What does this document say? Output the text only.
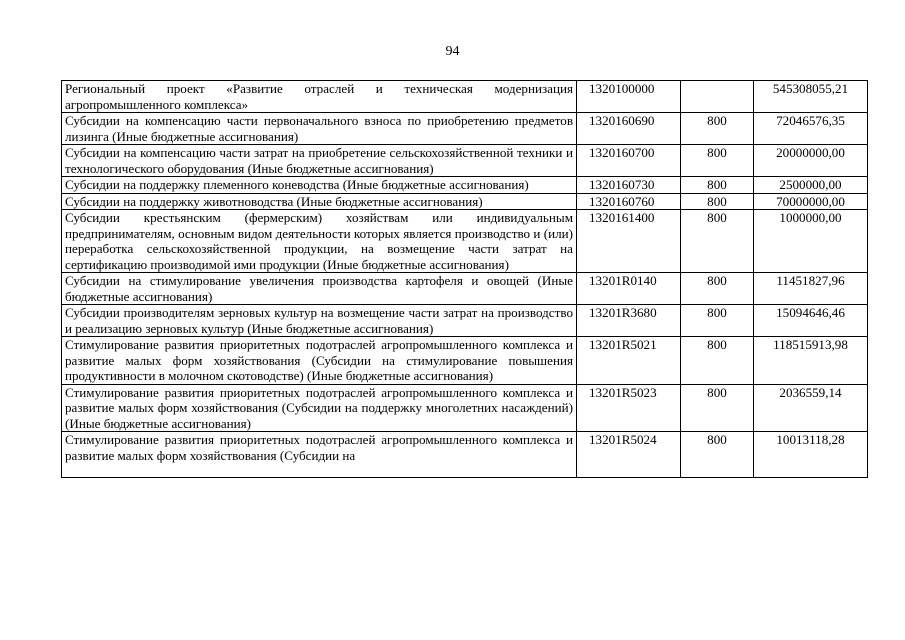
94
Региональный проект «Развитие отраслей и техническая модернизация агропромышленного комплекса»	1320100000		545308055,21
Субсидии на компенсацию части первоначального взноса по приобретению предметов лизинга (Иные бюджетные ассигнования)	1320160690	800	72046576,35
Субсидии на компенсацию части затрат на приобретение сельскохозяйственной техники и технологического оборудования (Иные бюджетные ассигнования)	1320160700	800	20000000,00
Субсидии на поддержку племенного коневодства (Иные бюджетные ассигнования)	1320160730	800	2500000,00
Субсидии на поддержку животноводства (Иные бюджетные ассигнования)	1320160760	800	70000000,00
Субсидии крестьянским (фермерским) хозяйствам или индивидуальным предпринимателям, основным видом деятельности которых является производство и (или) переработка сельскохозяйственной продукции, на возмещение части затрат на сертификацию производимой ими продукции (Иные бюджетные ассигнования)	1320161400	800	1000000,00
Субсидии на стимулирование увеличения производства картофеля и овощей (Иные бюджетные ассигнования)	13201R0140	800	11451827,96
Субсидии производителям зерновых культур на возмещение части затрат на производство и реализацию зерновых культур (Иные бюджетные ассигнования)	13201R3680	800	15094646,46
Стимулирование развития приоритетных подотраслей агропромышленного комплекса и развитие малых форм хозяйствования (Субсидии на стимулирование повышения продуктивности в молочном скотоводстве) (Иные бюджетные ассигнования)	13201R5021	800	118515913,98
Стимулирование развития приоритетных подотраслей агропромышленного комплекса и развитие малых форм хозяйствования (Субсидии на поддержку многолетних насаждений) (Иные бюджетные ассигнования)	13201R5023	800	2036559,14

Стимулирование развития приоритетных подотраслей агропромышленного комплекса и развитие малых форм хозяйствования (Субсидии на	13201R5024	800	10013118,28
